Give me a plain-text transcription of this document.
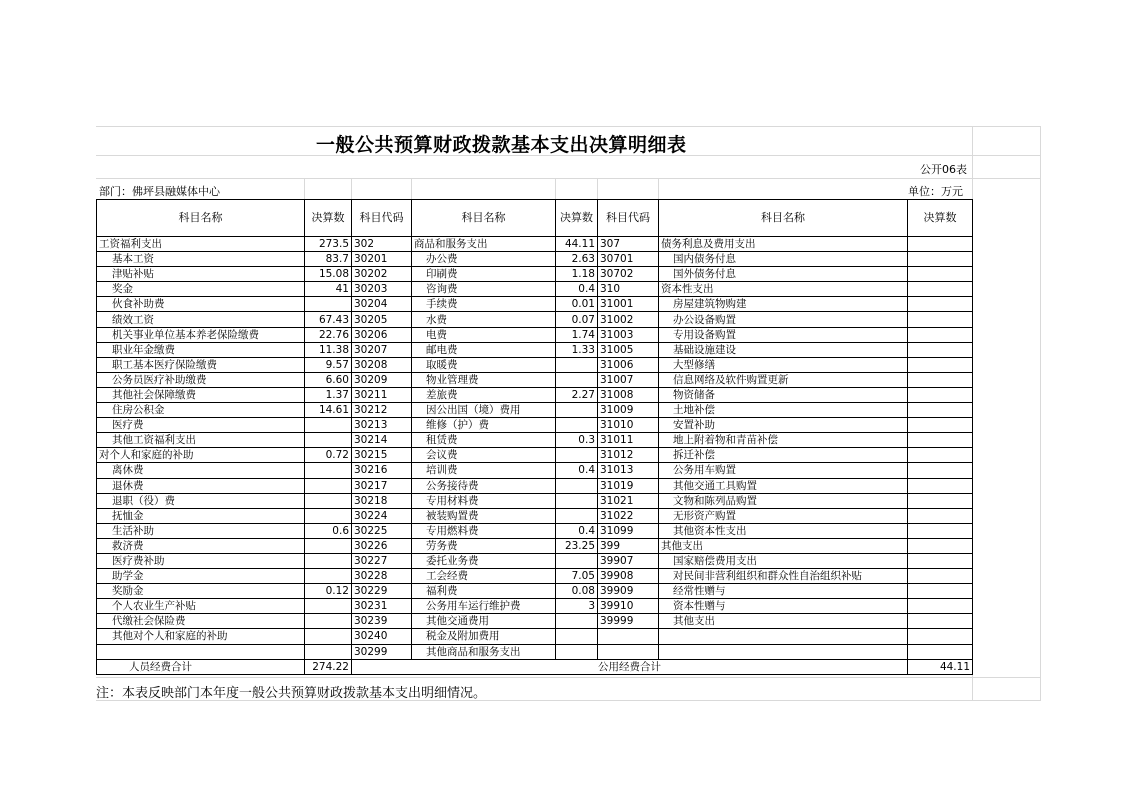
一般公共预算财政拨款基本支出决算明细表
公开06表
部门：佛坪县融媒体中心	单位：万元
科目名称	决算数	科目代码	科目名称	决算数	科目代码	科目名称	决算数
工资福利支出	273.5	302	商品和服务支出	44.11	307	债务利息及费用支出	
基本工资	83.7	30201	办公费	2.63	30701	国内债务付息	
津贴补贴	15.08	30202	印刷费	1.18	30702	国外债务付息	
奖金	41	30203	咨询费	0.4	310	资本性支出	
伙食补助费		30204	手续费	0.01	31001	房屋建筑物购建	
绩效工资	67.43	30205	水费	0.07	31002	办公设备购置	
机关事业单位基本养老保险缴费	22.76	30206	电费	1.74	31003	专用设备购置	
职业年金缴费	11.38	30207	邮电费	1.33	31005	基础设施建设	
职工基本医疗保险缴费	9.57	30208	取暖费		31006	大型修缮	
公务员医疗补助缴费	6.60	30209	物业管理费		31007	信息网络及软件购置更新	
其他社会保障缴费	1.37	30211	差旅费	2.27	31008	物资储备	
住房公积金	14.61	30212	因公出国（境）费用		31009	土地补偿	
医疗费		30213	维修（护）费		31010	安置补助	
其他工资福利支出		30214	租赁费	0.3	31011	地上附着物和青苗补偿	
对个人和家庭的补助	0.72	30215	会议费		31012	拆迁补偿	
离休费		30216	培训费	0.4	31013	公务用车购置	
退休费		30217	公务接待费		31019	其他交通工具购置	
退职（役）费		30218	专用材料费		31021	文物和陈列品购置	
抚恤金		30224	被装购置费		31022	无形资产购置	
生活补助	0.6	30225	专用燃料费	0.4	31099	其他资本性支出	
救济费		30226	劳务费	23.25	399	其他支出	
医疗费补助		30227	委托业务费		39907	国家赔偿费用支出	
助学金		30228	工会经费	7.05	39908	对民间非营利组织和群众性自治组织补贴	
奖励金	0.12	30229	福利费	0.08	39909	经常性赠与	
个人农业生产补贴		30231	公务用车运行维护费	3	39910	资本性赠与	
代缴社会保险费		30239	其他交通费用		39999	其他支出	
其他对个人和家庭的补助		30240	税金及附加费用				
		30299	其他商品和服务支出				
人员经费合计	274.22	公用经费合计					44.11
注：本表反映部门本年度一般公共预算财政拨款基本支出明细情况。
